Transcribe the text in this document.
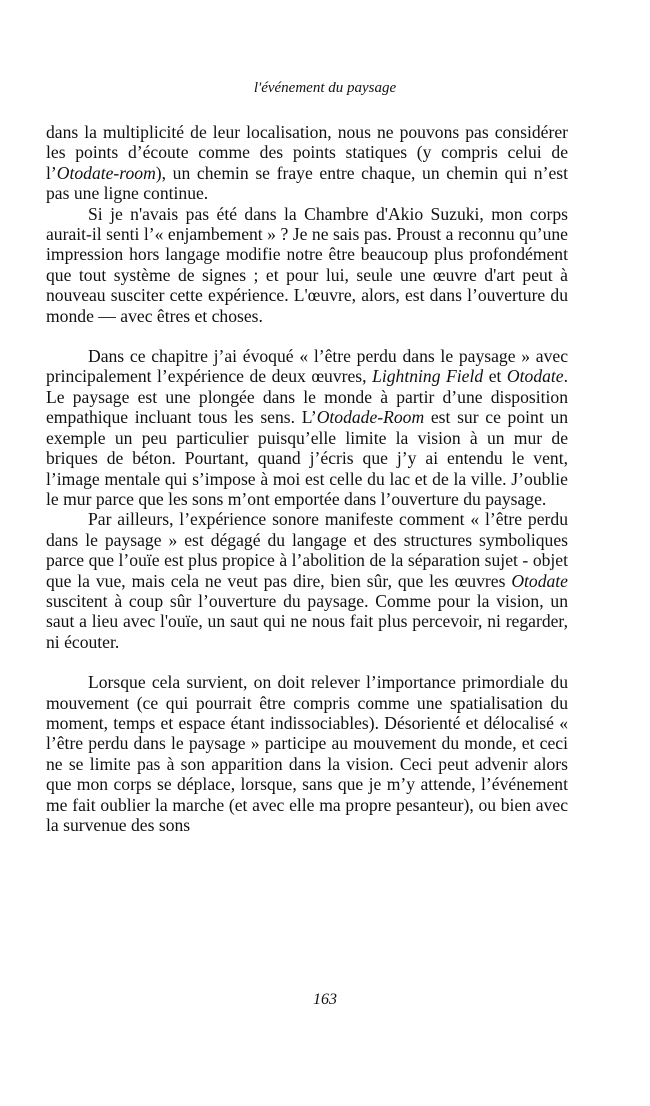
l'événement du paysage

dans la multiplicité de leur localisation, nous ne pouvons pas considérer les points d’écoute comme des points statiques (y compris celui de l’Otodate-room), un chemin se fraye entre chaque, un chemin qui n’est pas une ligne continue.

Si je n'avais pas été dans la Chambre d'Akio Suzuki, mon corps aurait-il senti l’« enjambement » ? Je ne sais pas. Proust a reconnu qu’une impression hors langage modifie notre être beaucoup plus profondément que tout système de signes ; et pour lui, seule une œuvre d'art peut à nouveau susciter cette expérience. L'œuvre, alors, est dans l’ouverture du monde — avec êtres et choses.

Dans ce chapitre j’ai évoqué « l’être perdu dans le paysage » avec principalement l’expérience de deux œuvres, Lightning Field et Otodate. Le paysage est une plongée dans le monde à partir d’une disposition empathique incluant tous les sens. L’Otodade-Room est sur ce point un exemple un peu particulier puisqu’elle limite la vision à un mur de briques de béton. Pourtant, quand j’écris que j’y ai entendu le vent, l’image mentale qui s’impose à moi est celle du lac et de la ville. J’oublie le mur parce que les sons m’ont emportée dans l’ouverture du paysage.

Par ailleurs, l’expérience sonore manifeste comment « l’être perdu dans le paysage » est dégagé du langage et des structures symboliques parce que l’ouïe est plus propice à l’abolition de la séparation sujet - objet que la vue, mais cela ne veut pas dire, bien sûr, que les œuvres Otodate suscitent à coup sûr l’ouverture du paysage. Comme pour la vision, un saut a lieu avec l'ouïe, un saut qui ne nous fait plus percevoir, ni regarder, ni écouter.

Lorsque cela survient, on doit relever l’importance primordiale du mouvement (ce qui pourrait être compris comme une spatialisation du moment, temps et espace étant indissociables). Désorienté et délocalisé « l’être perdu dans le paysage » participe au mouvement du monde, et ceci ne se limite pas à son apparition dans la vision. Ceci peut advenir alors que mon corps se déplace, lorsque, sans que je m’y attende, l’événement me fait oublier la marche (et avec elle ma propre pesanteur), ou bien avec la survenue des sons

163
